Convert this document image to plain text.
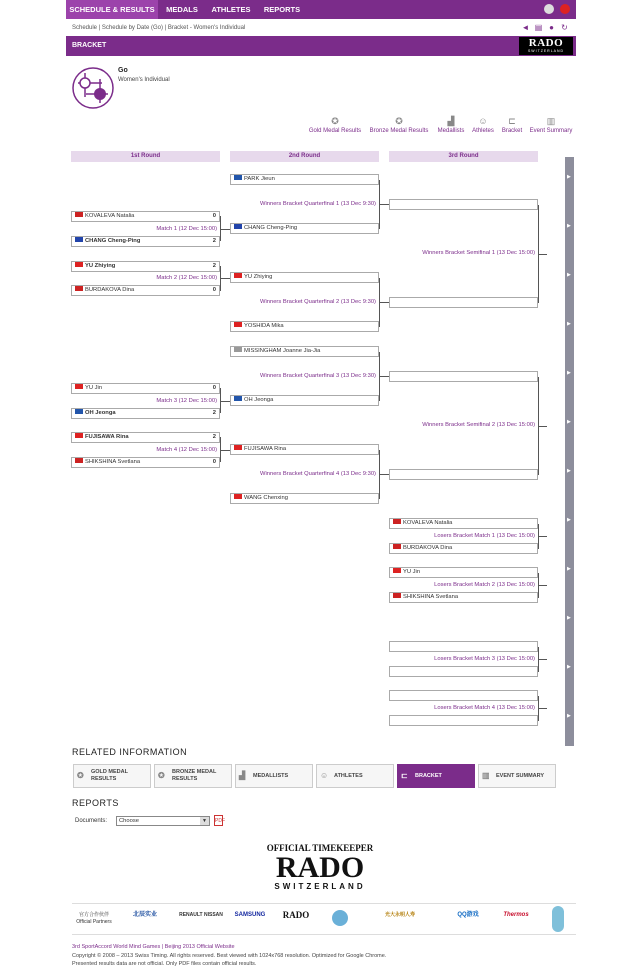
SCHEDULE & RESULTS	MEDALS	ATHLETES	REPORTS
Schedule | Schedule by Date (Go) | Bracket - Women's Individual	◄ ▤ ● ↻
BRACKET	RADO
SWITZERLAND
Go
Women's Individual
✪
Gold Medal Results
✪
Bronze Medal Results
▟
Medallists
☺
Athletes
⊏
Bracket
▥
Event Summary
1st Round	2nd Round	3rd Round
KOVALEVA Natalia	0
Match 1 (12 Dec 15:00)
CHANG Cheng-Ping	2
YU Zhiying	2
Match 2 (12 Dec 15:00)
BURDAKOVA Dina	0
YU Jin	0
Match 3 (12 Dec 15:00)
OH Jeonga	2
FUJISAWA Rina	2
Match 4 (12 Dec 15:00)
SHIKSHINA Svetlana	0
PARK Jieun
Winners Bracket Quarterfinal 1 (13 Dec 9:30)
CHANG Cheng-Ping
YU Zhiying
Winners Bracket Quarterfinal 2 (13 Dec 9:30)
YOSHIDA Mika
MISSINGHAM Joanne Jia-Jia
Winners Bracket Quarterfinal 3 (13 Dec 9:30)
OH Jeonga
FUJISAWA Rina
Winners Bracket Quarterfinal 4 (13 Dec 9:30)
WANG Chenxing
Winners Bracket Semifinal 1 (13 Dec 15:00)
Winners Bracket Semifinal 2 (13 Dec 15:00)
KOVALEVA Natalia
Losers Bracket Match 1 (13 Dec 15:00)
BURDAKOVA Dina
YU Jin
Losers Bracket Match 2 (13 Dec 15:00)
SHIKSHINA Svetlana
Losers Bracket Match 3 (13 Dec 15:00)
Losers Bracket Match 4 (13 Dec 15:00)
▶
▶
▶
▶
▶
▶
▶
▶
▶
▶
▶
▶
RELATED INFORMATION
✪	GOLD MEDAL RESULTS	✪	BRONZE MEDAL RESULTS	▟	MEDALLISTS	☺	ATHLETES	⊏	BRACKET	▥	EVENT SUMMARY
REPORTS
Documents:	Choose	▼	PDF
OFFICIAL TIMEKEEPER
RADO
SWITZERLAND
官方合作伙伴 Official Partners
北辰实业	RENAULT NISSAN	SAMSUNG	RADO	光大永明人寿	QQ游戏	Thermos
3rd SportAccord World Mind Games | Beijing 2013 Official Website
Copyright © 2008 – 2013 Swiss Timing. All rights reserved. Best viewed with 1024x768 resolution. Optimized for Google Chrome.
Presented results data are not official. Only PDF files contain official results.
